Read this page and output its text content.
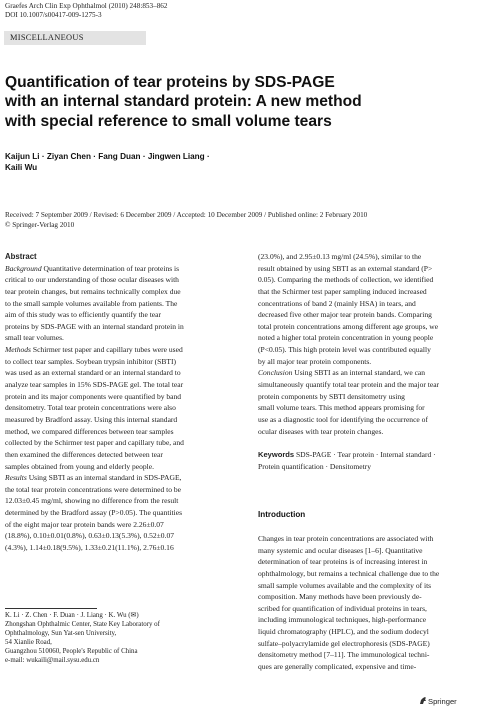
Graefes Arch Clin Exp Ophthalmol (2010) 248:853–862
DOI 10.1007/s00417-009-1275-3
MISCELLANEOUS
Quantification of tear proteins by SDS-PAGE
with an internal standard protein: A new method
with special reference to small volume tears
Kaijun Li · Ziyan Chen · Fang Duan · Jingwen Liang ·
Kaili Wu
Received: 7 September 2009 / Revised: 6 December 2009 / Accepted: 10 December 2009 / Published online: 2 February 2010
© Springer-Verlag 2010
Abstract
Background Quantitative determination of tear proteins is
critical to our understanding of those ocular diseases with
tear protein changes, but remains technically complex due
to the small sample volumes available from patients. The
aim of this study was to efficiently quantify the tear
proteins by SDS-PAGE with an internal standard protein in
small tear volumes.
Methods Schirmer test paper and capillary tubes were used
to collect tear samples. Soybean trypsin inhibitor (SBTI)
was used as an external standard or an internal standard to
analyze tear samples in 15% SDS-PAGE gel. The total tear
protein and its major components were quantified by band
densitometry. Total tear protein concentrations were also
measured by Bradford assay. Using this internal standard
method, we compared differences between tear samples
collected by the Schirmer test paper and capillary tube, and
then examined the differences detected between tear
samples obtained from young and elderly people.
Results Using SBTI as an internal standard in SDS-PAGE,
the total tear protein concentrations were determined to be
12.03±0.45 mg/ml, showing no difference from the result
determined by the Bradford assay (P>0.05). The quantities
of the eight major tear protein bands were 2.26±0.07
(18.8%), 0.10±0.01(0.8%), 0.63±0.13(5.3%), 0.52±0.07
(4.3%), 1.14±0.18(9.5%), 1.33±0.21(11.1%), 2.76±0.16
(23.0%), and 2.95±0.13 mg/ml (24.5%), similar to the
result obtained by using SBTI as an external standard (P>
0.05). Comparing the methods of collection, we identified
that the Schirmer test paper sampling induced increased
concentrations of band 2 (mainly HSA) in tears, and
decreased five other major tear protein bands. Comparing
total protein concentrations among different age groups, we
noted a higher total protein concentration in young people
(P<0.05). This high protein level was contributed equally
by all major tear protein components.
Conclusion Using SBTI as an internal standard, we can
simultaneously quantify total tear protein and the major tear
protein components by SBTI densitometry using
small volume tears. This method appears promising for
use as a diagnostic tool for identifying the occurrence of
ocular diseases with tear protein changes.
Keywords SDS-PAGE · Tear protein · Internal standard ·
Protein quantification · Densitometry
Introduction
Changes in tear protein concentrations are associated with
many systemic and ocular diseases [1–6]. Quantitative
determination of tear proteins is of increasing interest in
ophthalmology, but remains a technical challenge due to the
small sample volumes available and the complexity of its
composition. Many methods have been previously de-
scribed for quantification of individual proteins in tears,
including immunological techniques, high-performance
liquid chromatography (HPLC), and the sodium dodecyl
sulfate–polyacrylamide gel electrophoresis (SDS-PAGE)
densitometry method [7–11]. The immunological techni-
ques are generally complicated, expensive and time-
K. Li · Z. Chen · F. Duan · J. Liang · K. Wu (✉)
Zhongshan Ophthalmic Center, State Key Laboratory of
Ophthalmology, Sun Yat-sen University,
54 Xianlie Road,
Guangzhou 510060, People's Republic of China
e-mail: wukaili@mail.sysu.edu.cn
Springer
